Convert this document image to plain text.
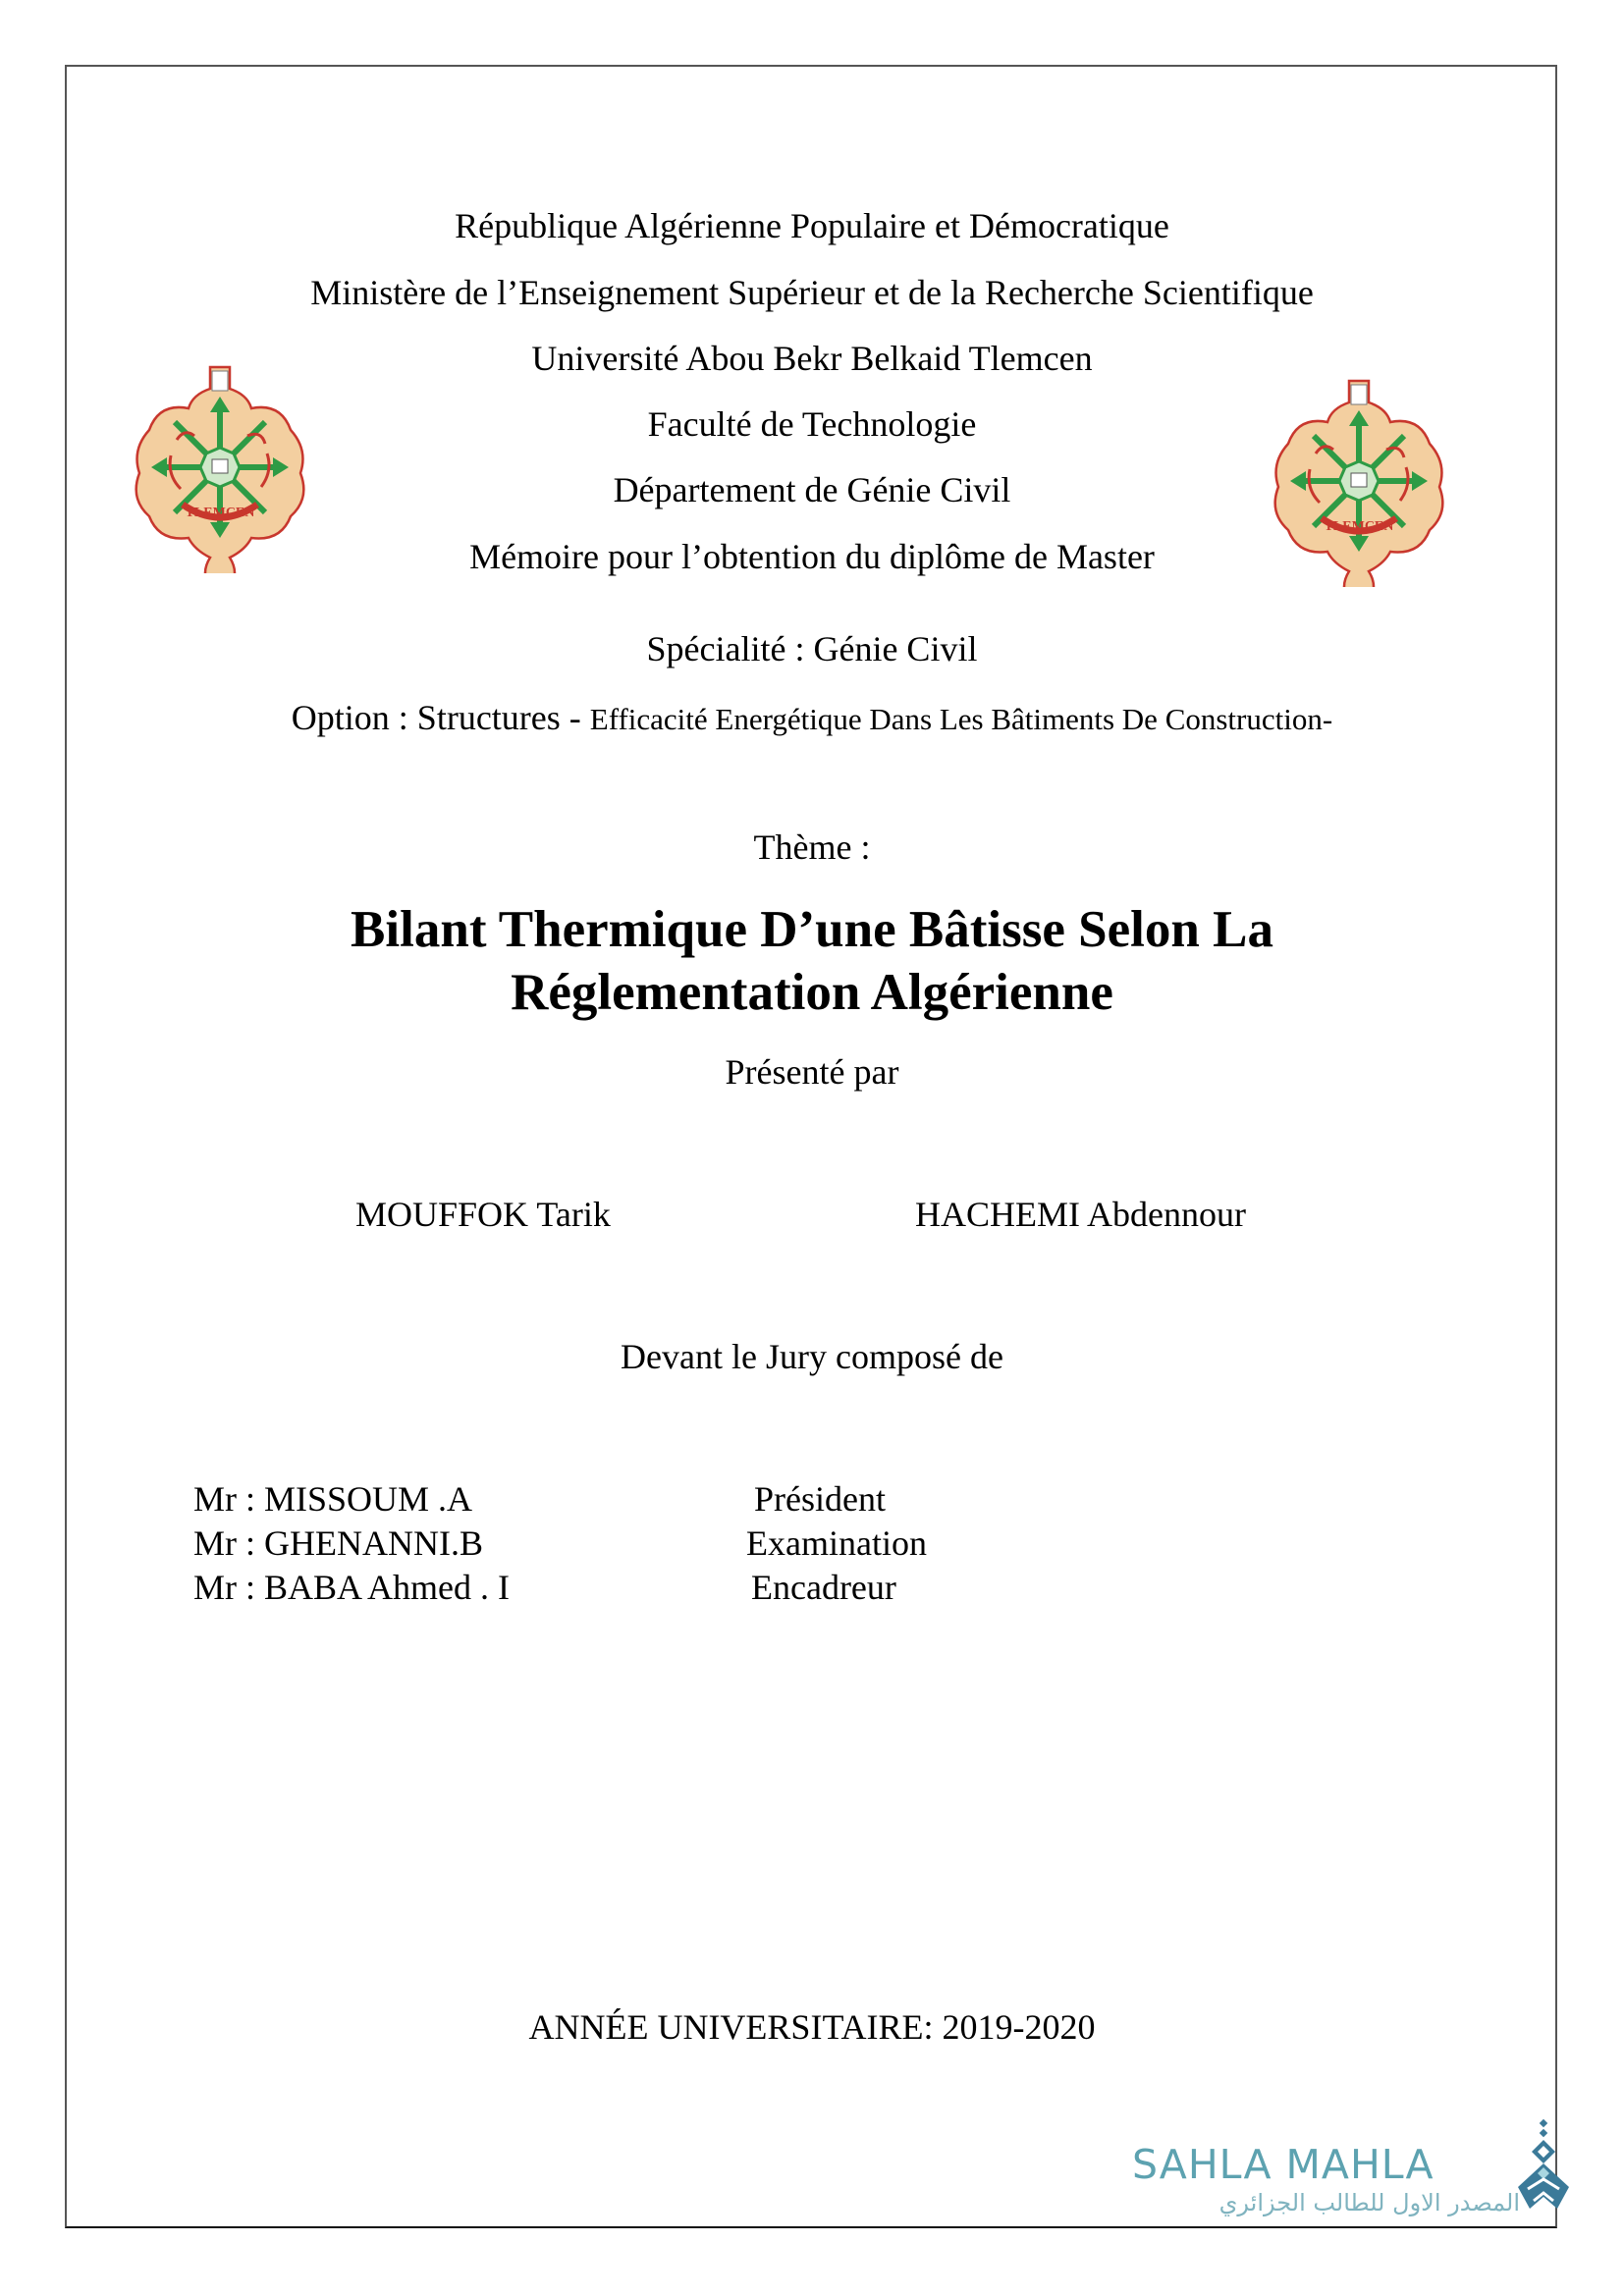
TLEMCEN
TLEMCEN
République Algérienne Populaire et Démocratique
Ministère de l’Enseignement Supérieur et de la Recherche Scientifique
Université Abou Bekr Belkaid Tlemcen
Faculté de Technologie
Département de Génie Civil
Mémoire pour l’obtention du diplôme de Master
Spécialité : Génie Civil
Option : Structures - Efficacité Energétique Dans Les Bâtiments De Construction-
Thème :
Bilant Thermique D’une Bâtisse Selon La
Réglementation Algérienne
Présenté par
MOUFFOK Tarik	HACHEMI Abdennour
Devant le Jury composé de
Mr : MISSOUM .A	Président
Mr : GHENANNI.B	Examination
Mr : BABA Ahmed . I	Encadreur
ANNÉE UNIVERSITAIRE: 2019-2020
SAHLA MAHLA
المصدر الاول للطالب الجزائري
